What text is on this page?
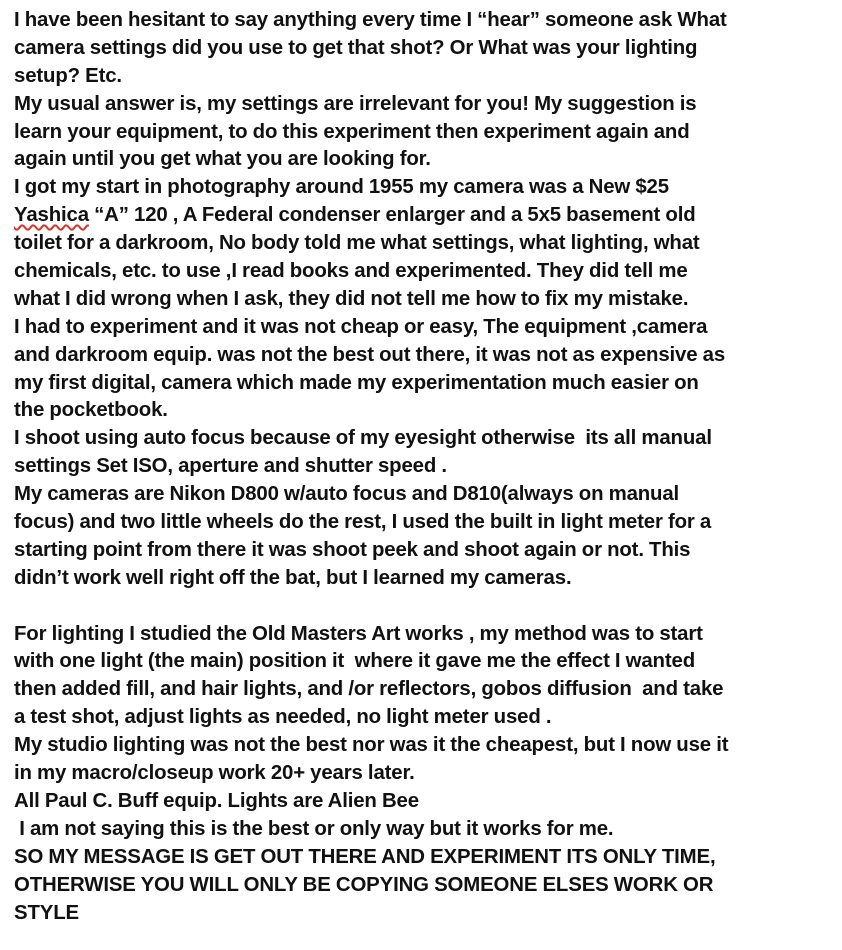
I have been hesitant to say anything every time I “hear” someone ask What
camera settings did you use to get that shot? Or What was your lighting
setup? Etc.
My usual answer is, my settings are irrelevant for you! My suggestion is
learn your equipment, to do this experiment then experiment again and
again until you get what you are looking for.
I got my start in photography around 1955 my camera was a New $25
Yashica “A” 120 , A Federal condenser enlarger and a 5x5 basement old
toilet for a darkroom, No body told me what settings, what lighting, what
chemicals, etc. to use ,I read books and experimented. They did tell me
what I did wrong when I ask, they did not tell me how to fix my mistake.
I had to experiment and it was not cheap or easy, The equipment ,camera
and darkroom equip. was not the best out there, it was not as expensive as
my first digital, camera which made my experimentation much easier on
the pocketbook.
I shoot using auto focus because of my eyesight otherwise  its all manual
settings Set ISO, aperture and shutter speed .
My cameras are Nikon D800 w/auto focus and D810(always on manual
focus) and two little wheels do the rest, I used the built in light meter for a
starting point from there it was shoot peek and shoot again or not. This
didn’t work well right off the bat, but I learned my cameras.
For lighting I studied the Old Masters Art works , my method was to start
with one light (the main) position it  where it gave me the effect I wanted
then added fill, and hair lights, and /or reflectors, gobos diffusion  and take
a test shot, adjust lights as needed, no light meter used .
My studio lighting was not the best nor was it the cheapest, but I now use it
in my macro/closeup work 20+ years later.
All Paul C. Buff equip. Lights are Alien Bee
I am not saying this is the best or only way but it works for me.
SO MY MESSAGE IS GET OUT THERE AND EXPERIMENT ITS ONLY TIME,
OTHERWISE YOU WILL ONLY BE COPYING SOMEONE ELSES WORK OR
STYLE
